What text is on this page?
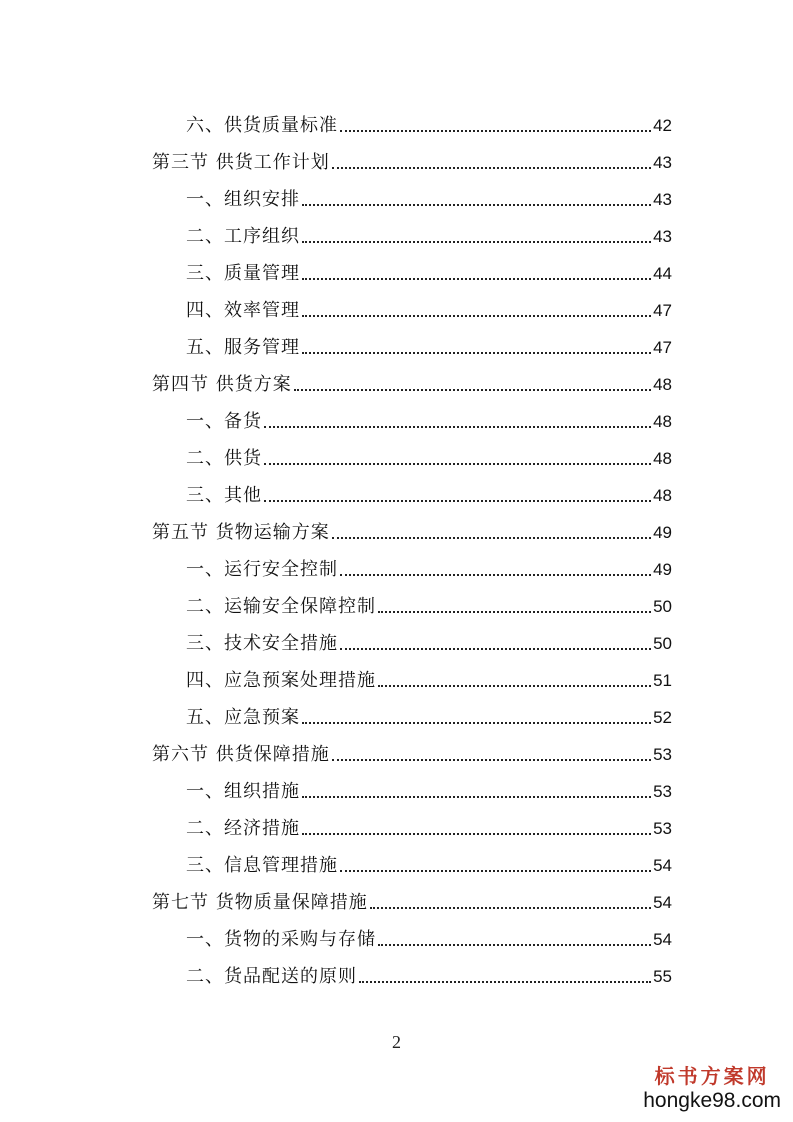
六、供货质量标准	42
第三节 供货工作计划	43
一、组织安排	43
二、工序组织	43
三、质量管理	44
四、效率管理	47
五、服务管理	47
第四节 供货方案	48
一、备货	48
二、供货	48
三、其他	48
第五节 货物运输方案	49
一、运行安全控制	49
二、运输安全保障控制	50
三、技术安全措施	50
四、应急预案处理措施	51
五、应急预案	52
第六节 供货保障措施	53
一、组织措施	53
二、经济措施	53
三、信息管理措施	54
第七节 货物质量保障措施	54
一、货物的采购与存储	54
二、货品配送的原则	55
2
标书方案网
hongke98.com
